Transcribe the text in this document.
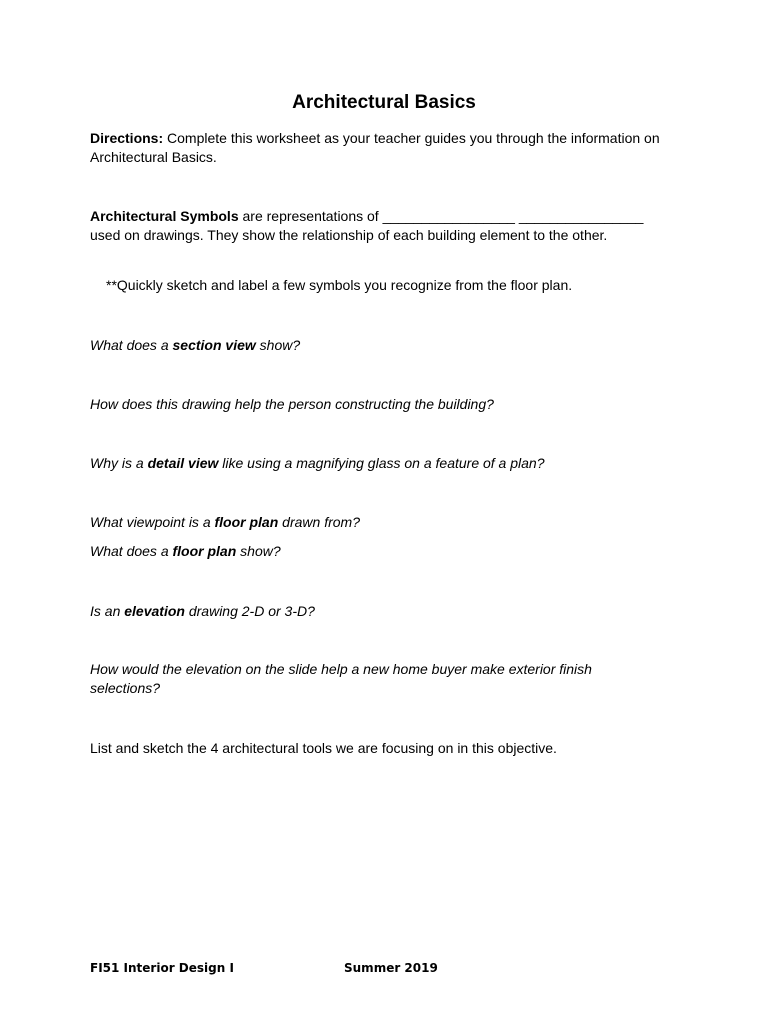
Architectural Basics
Directions: Complete this worksheet as your teacher guides you through the information on Architectural Basics.
Architectural Symbols are representations of _________________ ________________ used on drawings. They show the relationship of each building element to the other.
**Quickly sketch and label a few symbols you recognize from the floor plan.
What does a section view show?
How does this drawing help the person constructing the building?
Why is a detail view like using a magnifying glass on a feature of a plan?
What viewpoint is a floor plan drawn from?
What does a floor plan show?
Is an elevation drawing 2-D or 3-D?
How would the elevation on the slide help a new home buyer make exterior finish selections?
List and sketch the 4 architectural tools we are focusing on in this objective.
FI51 Interior Design I	Summer 2019
